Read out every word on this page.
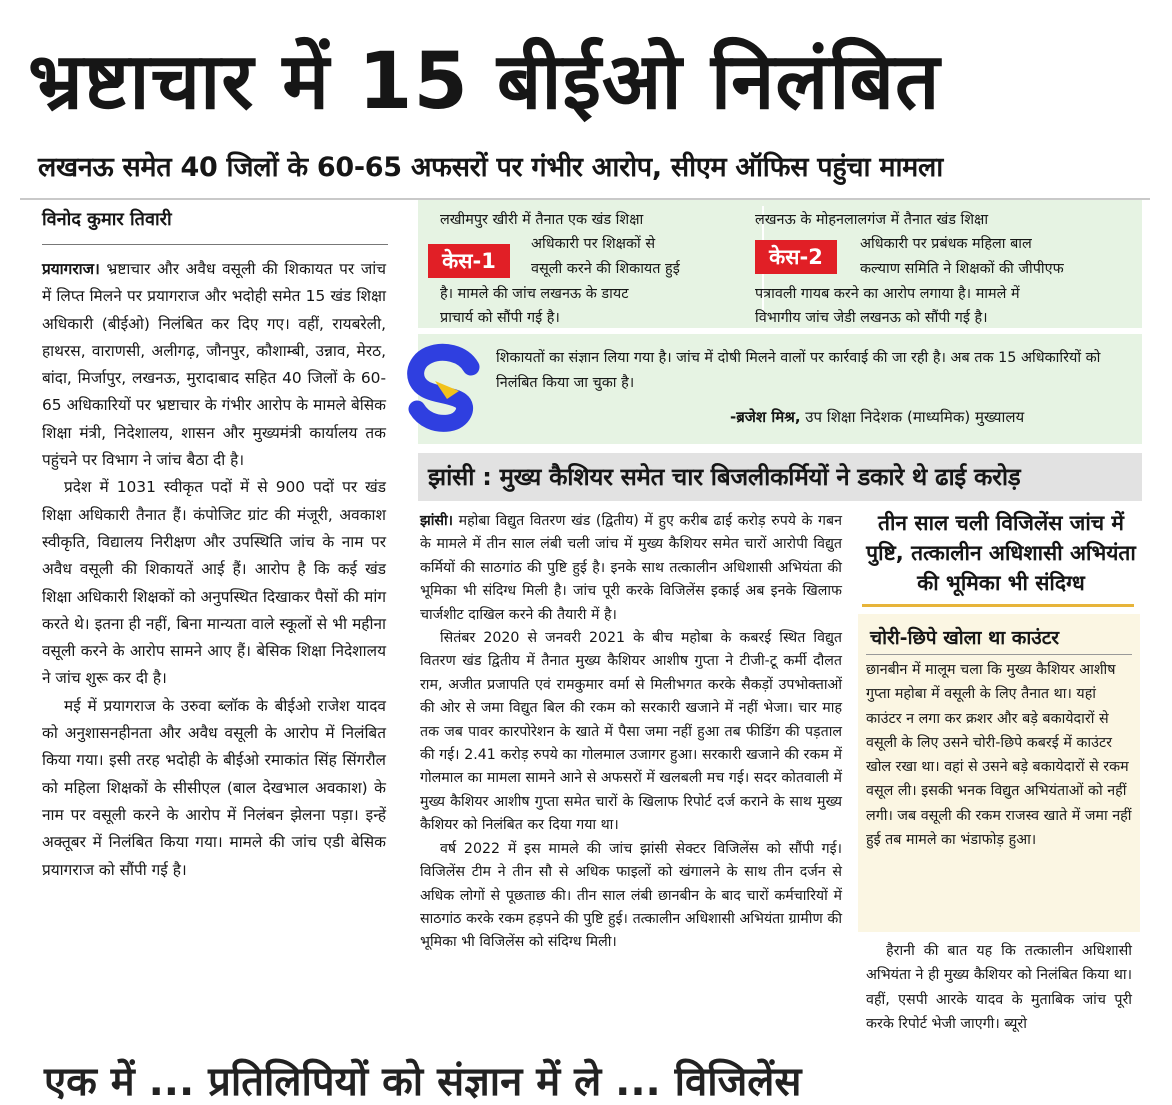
भ्रष्टाचार में 15 बीईओ निलंबित
लखनऊ समेत 40 जिलों के 60-65 अफसरों पर गंभीर आरोप, सीएम ऑफिस पहुंचा मामला
विनोद कुमार तिवारी

प्रयागराज। भ्रष्टाचार और अवैध वसूली की शिकायत पर जांच में लिप्त मिलने पर प्रयागराज और भदोही समेत 15 खंड शिक्षा अधिकारी (बीईओ) निलंबित कर दिए गए। वहीं, रायबरेली, हाथरस, वाराणसी, अलीगढ़, जौनपुर, कौशाम्बी, उन्नाव, मेरठ, बांदा, मिर्जापुर, लखनऊ, मुरादाबाद सहित 40 जिलों के 60-65 अधिकारियों पर भ्रष्टाचार के गंभीर आरोप के मामले बेसिक शिक्षा मंत्री, निदेशालय, शासन और मुख्यमंत्री कार्यालय तक पहुंचने पर विभाग ने जांच बैठा दी है।

प्रदेश में 1031 स्वीकृत पदों में से 900 पदों पर खंड शिक्षा अधिकारी तैनात हैं। कंपोजिट ग्रांट की मंजूरी, अवकाश स्वीकृति, विद्यालय निरीक्षण और उपस्थिति जांच के नाम पर अवैध वसूली की शिकायतें आई हैं। आरोप है कि कई खंड शिक्षा अधिकारी शिक्षकों को अनुपस्थित दिखाकर पैसों की मांग करते थे। इतना ही नहीं, बिना मान्यता वाले स्कूलों से भी महीना वसूली करने के आरोप सामने आए हैं। बेसिक शिक्षा निदेशालय ने जांच शुरू कर दी है।

मई में प्रयागराज के उरुवा ब्लॉक के बीईओ राजेश यादव को अनुशासनहीनता और अवैध वसूली के आरोप में निलंबित किया गया। इसी तरह भदोही के बीईओ रमाकांत सिंह सिंगरौल को महिला शिक्षकों के सीसीएल (बाल देखभाल अवकाश) के नाम पर वसूली करने के आरोप में निलंबन झेलना पड़ा। इन्हें अक्तूबर में निलंबित किया गया। मामले की जांच एडी बेसिक प्रयागराज को सौंपी गई है।

लखीमपुर खीरी में तैनात एक खंड शिक्षा
केस-1
अधिकारी पर शिक्षकों से
वसूली करने की शिकायत हुई
है। मामले की जांच लखनऊ के डायट
प्राचार्य को सौंपी गई है।
लखनऊ के मोहनलालगंज में तैनात खंड शिक्षा
केस-2
अधिकारी पर प्रबंधक महिला बाल
कल्याण समिति ने शिक्षकों की जीपीएफ
पत्रावली गायब करने का आरोप लगाया है। मामले में
विभागीय जांच जेडी लखनऊ को सौंपी गई है।
शिकायतों का संज्ञान लिया गया है। जांच में दोषी मिलने वालों पर कार्रवाई की जा रही है। अब तक 15 अधिकारियों को निलंबित किया जा चुका है।
-ब्रजेश मिश्र, उप शिक्षा निदेशक (माध्यमिक) मुख्यालय
झांसी : मुख्य कैशियर समेत चार बिजलीकर्मियों ने डकारे थे ढाई करोड़

झांसी। महोबा विद्युत वितरण खंड (द्वितीय) में हुए करीब ढाई करोड़ रुपये के गबन के मामले में तीन साल लंबी चली जांच में मुख्य कैशियर समेत चारों आरोपी विद्युत कर्मियों की साठगांठ की पुष्टि हुई है। इनके साथ तत्कालीन अधिशासी अभियंता की भूमिका भी संदिग्ध मिली है। जांच पूरी करके विजिलेंस इकाई अब इनके खिलाफ चार्जशीट दाखिल करने की तैयारी में है।

सितंबर 2020 से जनवरी 2021 के बीच महोबा के कबरई स्थित विद्युत वितरण खंड द्वितीय में तैनात मुख्य कैशियर आशीष गुप्ता ने टीजी-टू कर्मी दौलत राम, अजीत प्रजापति एवं रामकुमार वर्मा से मिलीभगत करके सैकड़ों उपभोक्ताओं की ओर से जमा विद्युत बिल की रकम को सरकारी खजाने में नहीं भेजा। चार माह तक जब पावर कारपोरेशन के खाते में पैसा जमा नहीं हुआ तब फीडिंग की पड़ताल की गई। 2.41 करोड़ रुपये का गोलमाल उजागर हुआ। सरकारी खजाने की रकम में गोलमाल का मामला सामने आने से अफसरों में खलबली मच गई। सदर कोतवाली में मुख्य कैशियर आशीष गुप्ता समेत चारों के खिलाफ रिपोर्ट दर्ज कराने के साथ मुख्य कैशियर को निलंबित कर दिया गया था।

वर्ष 2022 में इस मामले की जांच झांसी सेक्टर विजिलेंस को सौंपी गई। विजिलेंस टीम ने तीन सौ से अधिक फाइलों को खंगालने के साथ तीन दर्जन से अधिक लोगों से पूछताछ की। तीन साल लंबी छानबीन के बाद चारों कर्मचारियों में साठगांठ करके रकम हड़पने की पुष्टि हुई। तत्कालीन अधिशासी अभियंता ग्रामीण की भूमिका भी विजिलेंस को संदिग्ध मिली।

तीन साल चली विजिलेंस जांच में पुष्टि, तत्कालीन अधिशासी अभियंता की भूमिका भी संदिग्ध
चोरी-छिपे खोला था काउंटर
छानबीन में मालूम चला कि मुख्य कैशियर आशीष गुप्ता महोबा में वसूली के लिए तैनात था। यहां काउंटर न लगा कर क्रशर और बड़े बकायेदारों से वसूली के लिए उसने चोरी-छिपे कबरई में काउंटर खोल रखा था। वहां से उसने बड़े बकायेदारों से रकम वसूल ली। इसकी भनक विद्युत अभियंताओं को नहीं लगी। जब वसूली की रकम राजस्व खाते में जमा नहीं हुई तब मामले का भंडाफोड़ हुआ।
हैरानी की बात यह कि तत्कालीन अधिशासी अभियंता ने ही मुख्य कैशियर को निलंबित किया था। वहीं, एसपी आरके यादव के मुताबिक जांच पूरी करके रिपोर्ट भेजी जाएगी। ब्यूरो
एक में ... प्रतिलिपियों को संज्ञान में ले ... विजिलेंस
